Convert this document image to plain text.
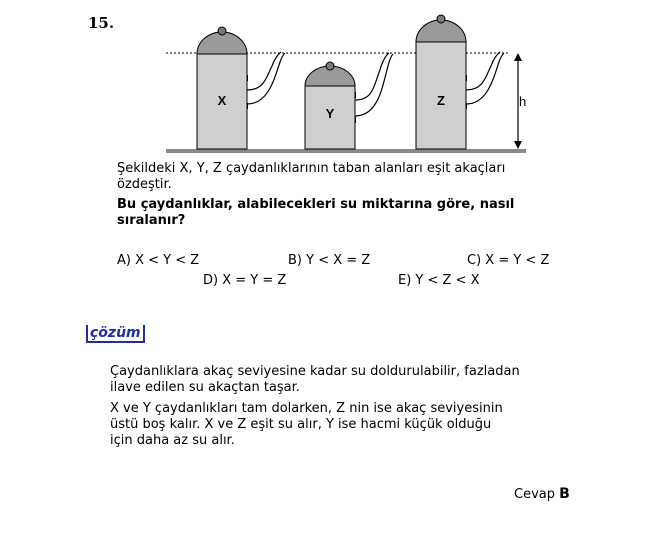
15.
X
Y
Z	h
Şekildeki X, Y, Z çaydanlıklarının taban alanları eşit akaçları
özdeştir.
Bu çaydanlıklar, alabilecekleri su miktarına göre, nasıl
sıralanır?
A) X < Y < Z	B) Y < X = Z	C) X = Y < Z
D) X = Y = Z	E) Y < Z < X
çözüm
Çaydanlıklara akaç seviyesine kadar su doldurulabilir, fazladan
ilave edilen su akaçtan taşar.
X ve Y çaydanlıkları tam dolarken, Z nin ise akaç seviyesinin
üstü boş kalır. X ve Z eşit su alır, Y ise hacmi küçük olduğu
için daha az su alır.
Cevap B
